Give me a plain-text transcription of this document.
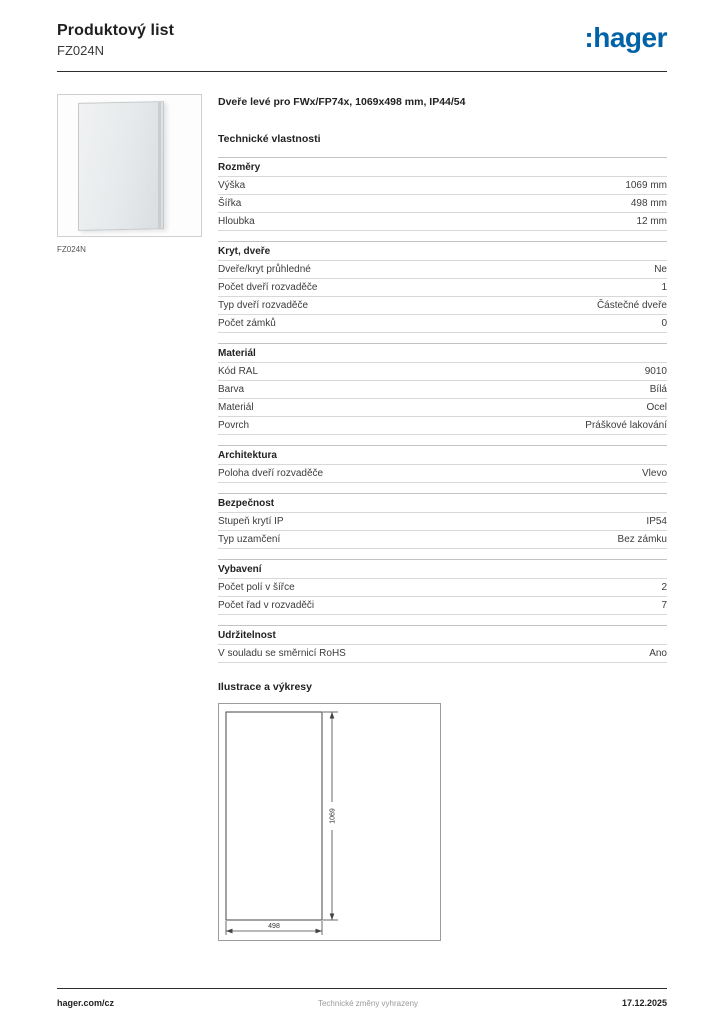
Produktový list
FZ024N	:hager
FZ024N
Dveře levé pro FWx/FP74x, 1069x498 mm, IP44/54
Technické vlastnosti
Rozměry
Výška	1069 mm
Šířka	498 mm
Hloubka	12 mm
Kryt, dveře
Dveře/kryt průhledné	Ne
Počet dveří rozvaděče	1
Typ dveří rozvaděče	Částečné dveře
Počet zámků	0
Materiál
Kód RAL	9010
Barva	Bílá
Materiál	Ocel
Povrch	Práškové lakování
Architektura
Poloha dveří rozvaděče	Vlevo
Bezpečnost
Stupeň krytí IP	IP54
Typ uzamčení	Bez zámku
Vybavení
Počet polí v šířce	2
Počet řad v rozvaděči	7
Udržitelnost
V souladu se směrnicí RoHS	Ano
Ilustrace a výkresy
1069
498
hager.com/cz	Technické změny vyhrazeny	17.12.2025
